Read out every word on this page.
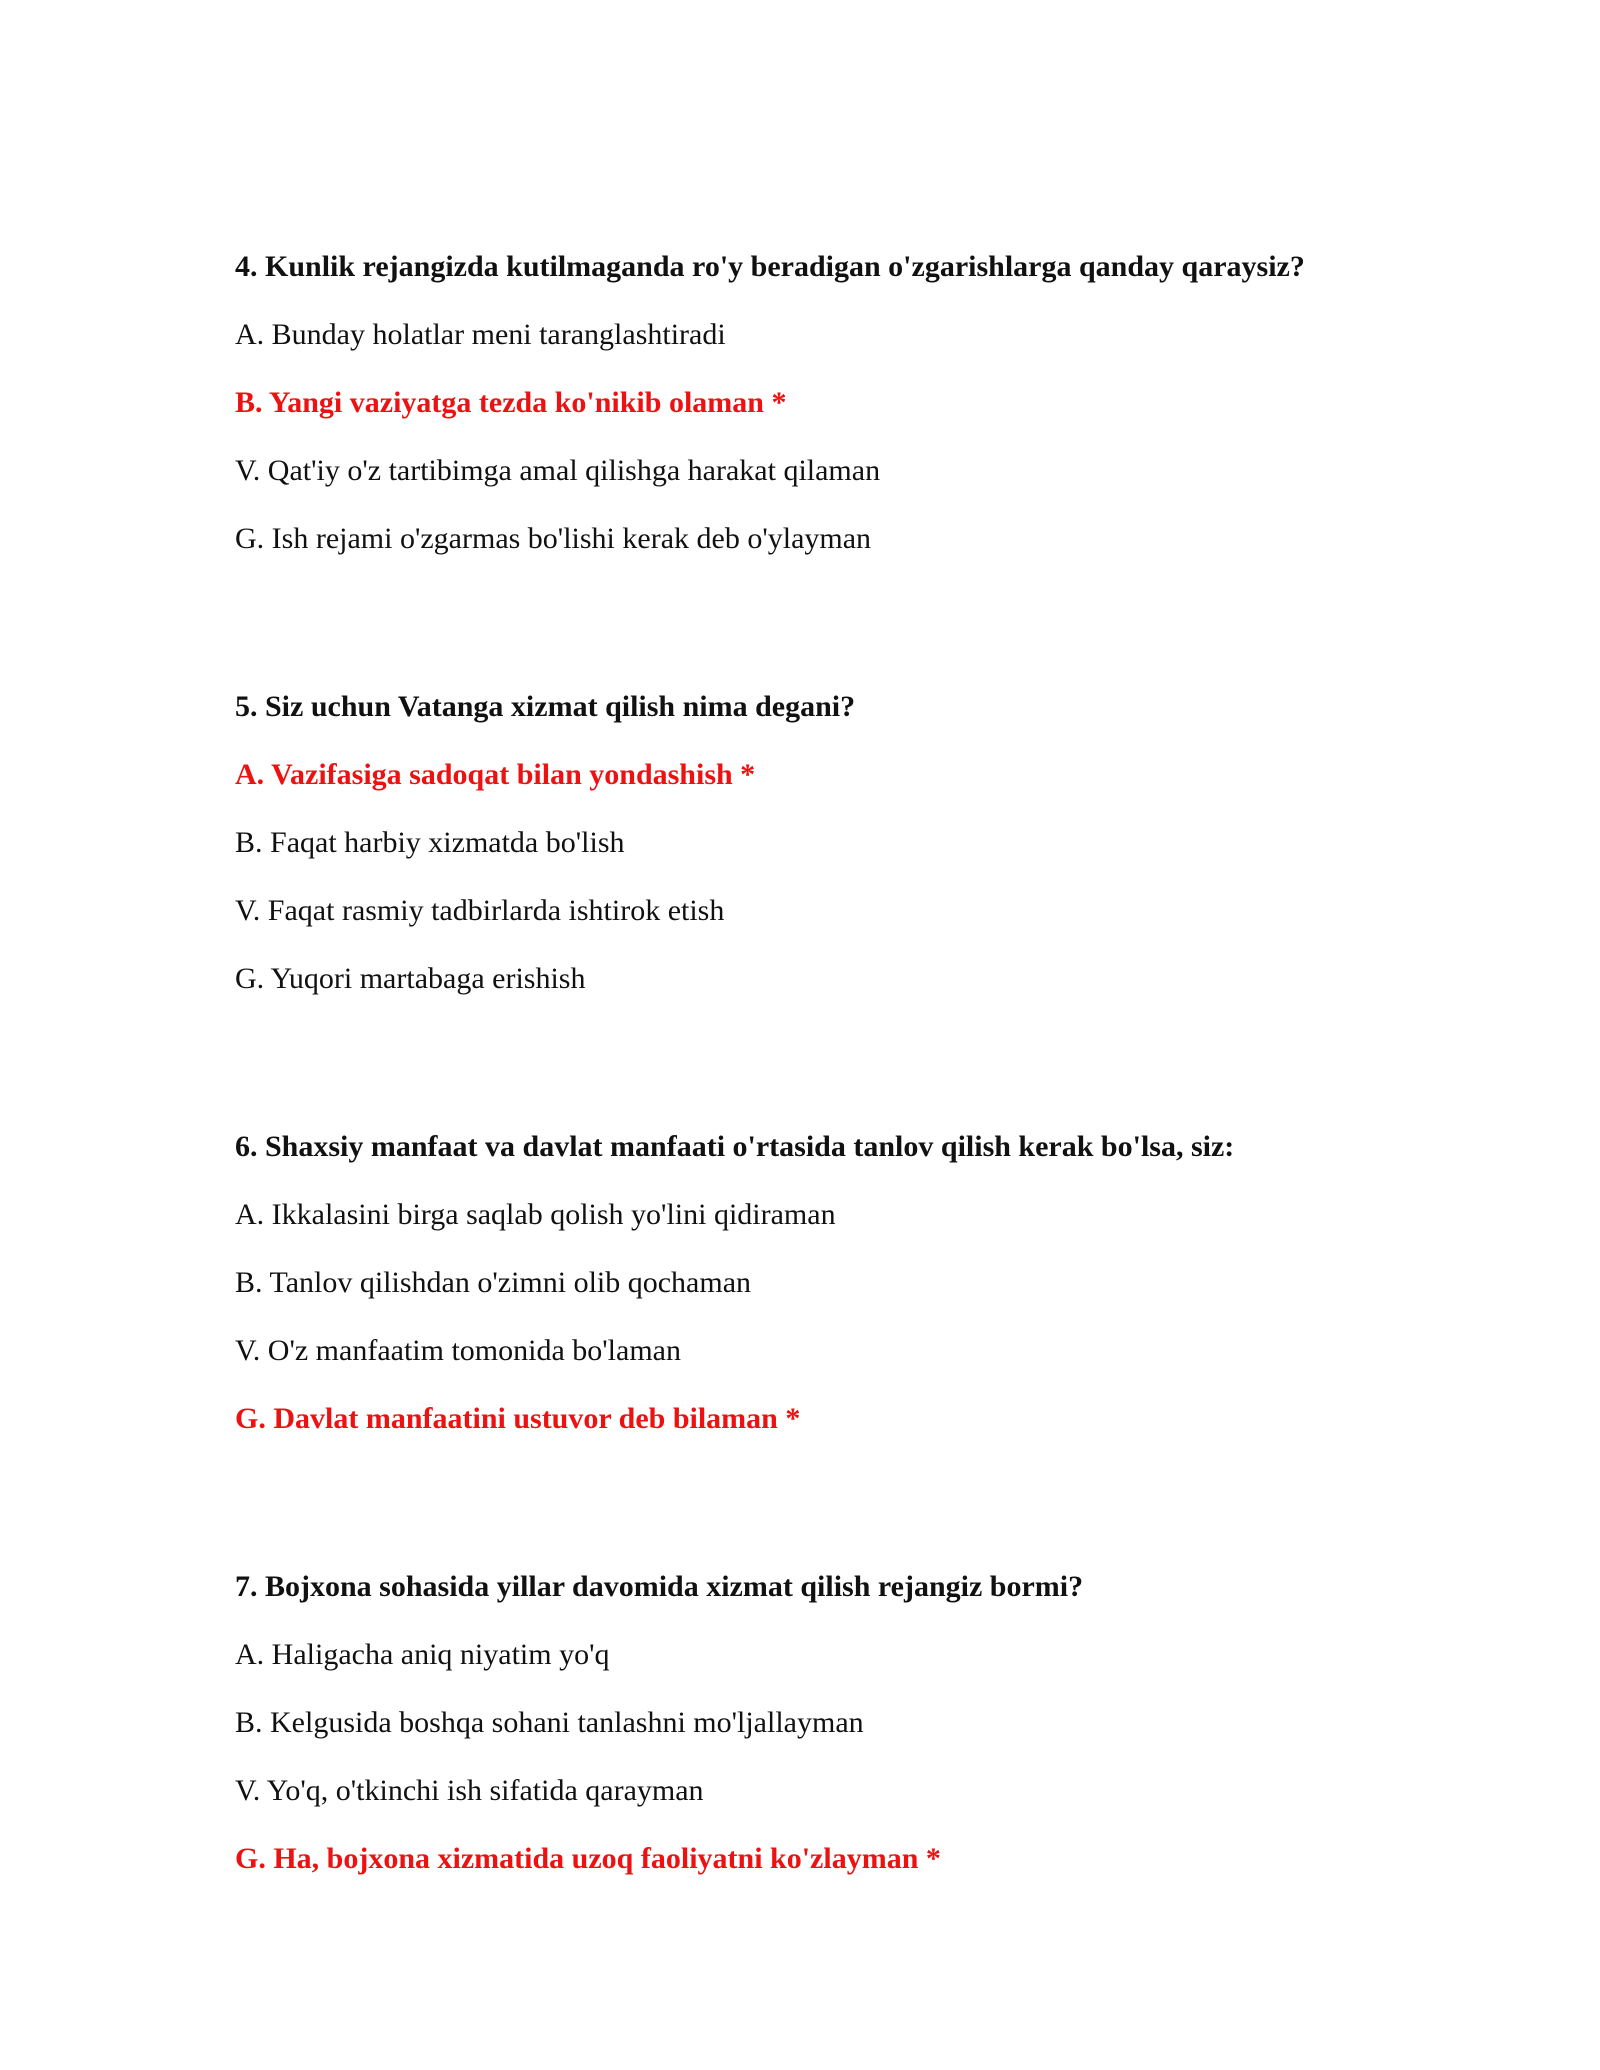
4. Kunlik rejangizda kutilmaganda ro'y beradigan o'zgarishlarga qanday qaraysiz?

A. Bunday holatlar meni taranglashtiradi

B. Yangi vaziyatga tezda ko'nikib olaman *

V. Qat'iy o'z tartibimga amal qilishga harakat qilaman

G. Ish rejami o'zgarmas bo'lishi kerak deb o'ylayman

5. Siz uchun Vatanga xizmat qilish nima degani?

A. Vazifasiga sadoqat bilan yondashish *

B. Faqat harbiy xizmatda bo'lish

V. Faqat rasmiy tadbirlarda ishtirok etish

G. Yuqori martabaga erishish

6. Shaxsiy manfaat va davlat manfaati o'rtasida tanlov qilish kerak bo'lsa, siz:

A. Ikkalasini birga saqlab qolish yo'lini qidiraman

B. Tanlov qilishdan o'zimni olib qochaman

V. O'z manfaatim tomonida bo'laman

G. Davlat manfaatini ustuvor deb bilaman *

7. Bojxona sohasida yillar davomida xizmat qilish rejangiz bormi?

A. Haligacha aniq niyatim yo'q

B. Kelgusida boshqa sohani tanlashni mo'ljallayman

V. Yo'q, o'tkinchi ish sifatida qarayman

G. Ha, bojxona xizmatida uzoq faoliyatni ko'zlayman *
